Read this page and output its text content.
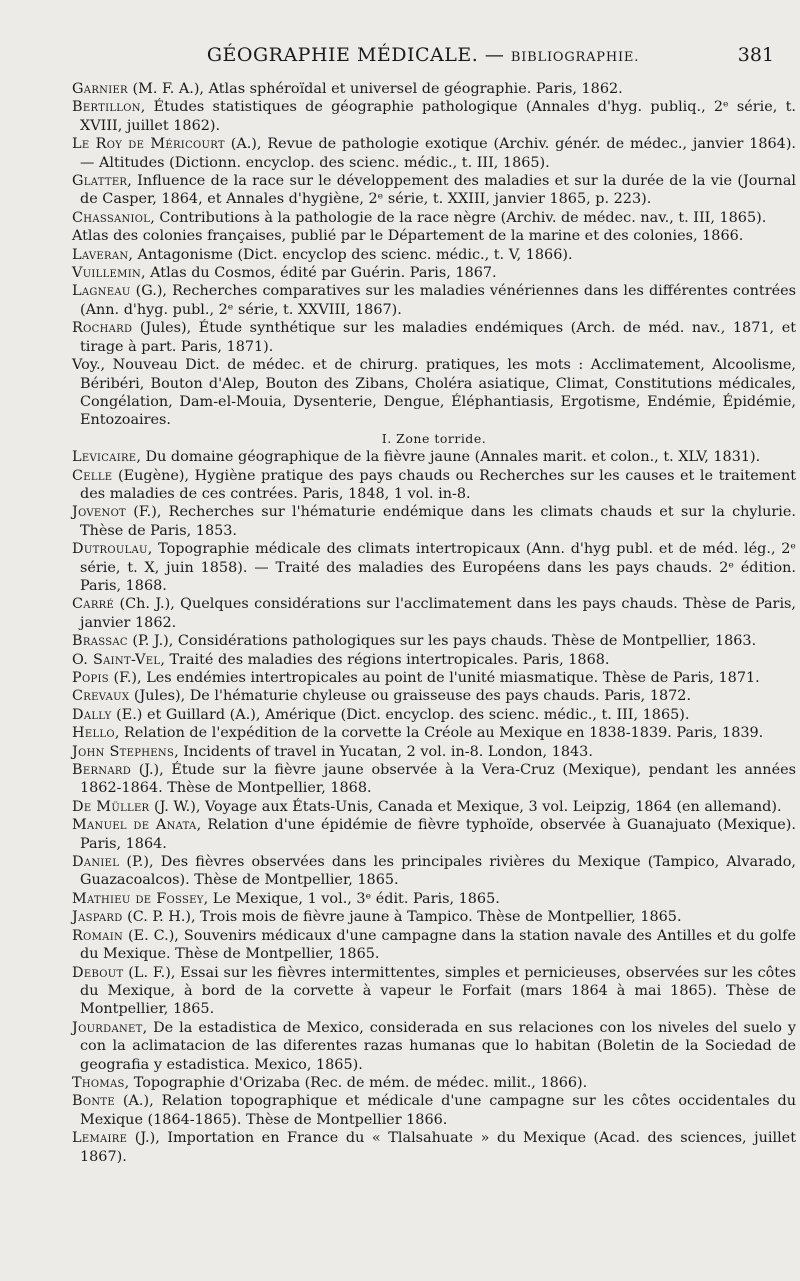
GÉOGRAPHIE MÉDICALE. — BIBLIOGRAPHIE.	381

Garnier (M. F. A.), Atlas sphéroïdal et universel de géographie. Paris, 1862.

Bertillon, Études statistiques de géographie pathologique (Annales d'hyg. publiq., 2ᵉ série, t. XVIII, juillet 1862).

Le Roy de Méricourt (A.), Revue de pathologie exotique (Archiv. génér. de médec., janvier 1864). — Altitudes (Dictionn. encyclop. des scienc. médic., t. III, 1865).

Glatter, Influence de la race sur le développement des maladies et sur la durée de la vie (Journal de Casper, 1864, et Annales d'hygiène, 2ᵉ série, t. XXIII, janvier 1865, p. 223).

Chassaniol, Contributions à la pathologie de la race nègre (Archiv. de médec. nav., t. III, 1865).

Atlas des colonies françaises, publié par le Département de la marine et des colonies, 1866.

Laveran, Antagonisme (Dict. encyclop des scienc. médic., t. V, 1866).

Vuillemin, Atlas du Cosmos, édité par Guérin. Paris, 1867.

Lagneau (G.), Recherches comparatives sur les maladies vénériennes dans les différentes contrées (Ann. d'hyg. publ., 2ᵉ série, t. XXVIII, 1867).

Rochard (Jules), Étude synthétique sur les maladies endémiques (Arch. de méd. nav., 1871, et tirage à part. Paris, 1871).

Voy., Nouveau Dict. de médec. et de chirurg. pratiques, les mots : Acclimatement, Alcoolisme, Béribéri, Bouton d'Alep, Bouton des Zibans, Choléra asiatique, Climat, Constitutions médicales, Congélation, Dam-el-Mouia, Dysenterie, Dengue, Éléphantiasis, Ergotisme, Endémie, Épidémie, Entozoaires.

I. Zone torride.

Levicaire, Du domaine géographique de la fièvre jaune (Annales marit. et colon., t. XLV, 1831).

Celle (Eugène), Hygiène pratique des pays chauds ou Recherches sur les causes et le traitement des maladies de ces contrées. Paris, 1848, 1 vol. in-8.

Jovenot (F.), Recherches sur l'hématurie endémique dans les climats chauds et sur la chylurie. Thèse de Paris, 1853.

Dutroulau, Topographie médicale des climats intertropicaux (Ann. d'hyg publ. et de méd. lég., 2ᵉ série, t. X, juin 1858). — Traité des maladies des Européens dans les pays chauds. 2ᵉ édition. Paris, 1868.

Carré (Ch. J.), Quelques considérations sur l'acclimatement dans les pays chauds. Thèse de Paris, janvier 1862.

Brassac (P. J.), Considérations pathologiques sur les pays chauds. Thèse de Montpellier, 1863.

O. Saint-Vel, Traité des maladies des régions intertropicales. Paris, 1868.

Popis (F.), Les endémies intertropicales au point de l'unité miasmatique. Thèse de Paris, 1871.

Crevaux (Jules), De l'hématurie chyleuse ou graisseuse des pays chauds. Paris, 1872.

Dally (E.) et Guillard (A.), Amérique (Dict. encyclop. des scienc. médic., t. III, 1865).

Hello, Relation de l'expédition de la corvette la Créole au Mexique en 1838-1839. Paris, 1839.

John Stephens, Incidents of travel in Yucatan, 2 vol. in-8. London, 1843.

Bernard (J.), Étude sur la fièvre jaune observée à la Vera-Cruz (Mexique), pendant les années 1862-1864. Thèse de Montpellier, 1868.

De Müller (J. W.), Voyage aux États-Unis, Canada et Mexique, 3 vol. Leipzig, 1864 (en allemand).

Manuel de Anata, Relation d'une épidémie de fièvre typhoïde, observée à Guanajuato (Mexique). Paris, 1864.

Daniel (P.), Des fièvres observées dans les principales rivières du Mexique (Tampico, Alvarado, Guazacoalcos). Thèse de Montpellier, 1865.

Mathieu de Fossey, Le Mexique, 1 vol., 3ᵉ édit. Paris, 1865.

Jaspard (C. P. H.), Trois mois de fièvre jaune à Tampico. Thèse de Montpellier, 1865.

Romain (E. C.), Souvenirs médicaux d'une campagne dans la station navale des Antilles et du golfe du Mexique. Thèse de Montpellier, 1865.

Debout (L. F.), Essai sur les fièvres intermittentes, simples et pernicieuses, observées sur les côtes du Mexique, à bord de la corvette à vapeur le Forfait (mars 1864 à mai 1865). Thèse de Montpellier, 1865.

Jourdanet, De la estadistica de Mexico, considerada en sus relaciones con los niveles del suelo y con la aclimatacion de las diferentes razas humanas que lo habitan (Boletin de la Sociedad de geografia y estadistica. Mexico, 1865).

Thomas, Topographie d'Orizaba (Rec. de mém. de médec. milit., 1866).

Bonte (A.), Relation topographique et médicale d'une campagne sur les côtes occidentales du Mexique (1864-1865). Thèse de Montpellier 1866.

Lemaire (J.), Importation en France du « Tlalsahuate » du Mexique (Acad. des sciences, juillet 1867).
